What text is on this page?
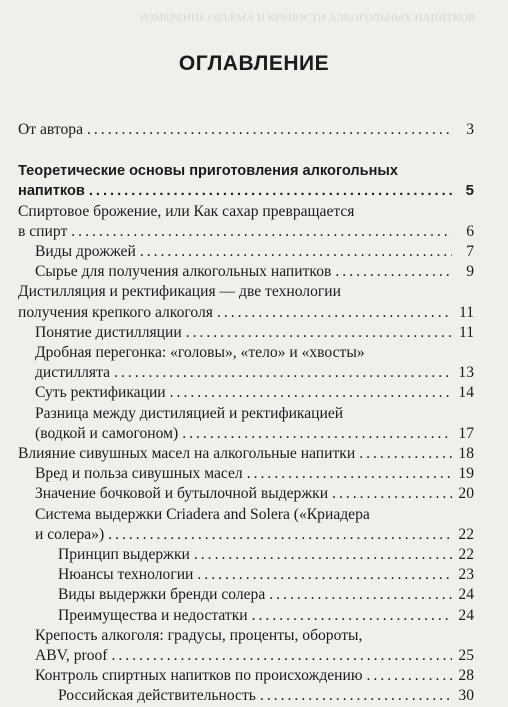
ИЗМЕРЕНИЕ ОБЪЁМА И КРЕПОСТИ АЛКОГОЛЬНЫХ НАПИТКОВ
ОГЛАВЛЕНИЕ
От автора .....	3
Теоретические основы приготовления алкогольных
напитков .....	5
Спиртовое брожение, или Как сахар превращается
в спирт .....	6
Виды дрожжей .....	7
Сырье для получения алкогольных напитков .....	9
Дистилляция и ректификация — две технологии
получения крепкого алкоголя .....	11
Понятие дистилляции .....	11
Дробная перегонка: «головы», «тело» и «хвосты»
дистиллята .....	13
Суть ректификации .....	14
Разница между дистиляцией и ректификацией
(водкой и самогоном) .....	17
Влияние сивушных масел на алкогольные напитки .....	18
Вред и польза сивушных масел .....	19
Значение бочковой и бутылочной выдержки .....	20
Система выдержки Criadera and Solera («Криадера
и солера») .....	22
Принцип выдержки .....	22
Нюансы технологии .....	23
Виды выдержки бренди солера .....	24
Преимущества и недостатки .....	24
Крепость алкоголя: градусы, проценты, обороты,
ABV, proof .....	25
Контроль спиртных напитков по происхождению .....	28
Российская действительность .....	30
